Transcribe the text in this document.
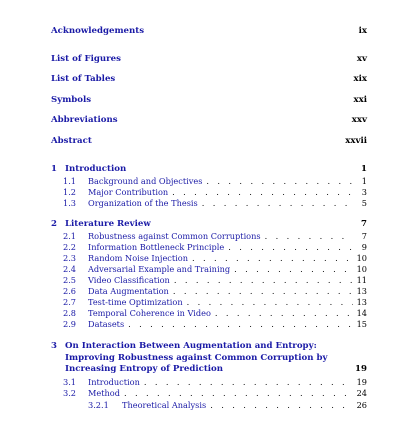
Acknowledgements	ix
List of Figures	xv
List of Tables	xix
Symbols	xxi
Abbreviations	xxv
Abstract	xxvii
1 Introduction	1
1.1	Background and Objectives . . .	1
1.2	Major Contribution . . .	3
1.3	Organization of the Thesis . . .	5
2 Literature Review	7
2.1	Robustness against Common Corruptions . . .	7
2.2	Information Bottleneck Principle . . .	9
2.3	Random Noise Injection . . .	10
2.4	Adversarial Example and Training . . .	10
2.5	Video Classification . . .	11
2.6	Data Augmentation . . .	13
2.7	Test-time Optimization . . .	13
2.8	Temporal Coherence in Video . . .	14
2.9	Datasets . . .	15
3 On Interaction Between Augmentation and Entropy: Improving Robustness against Common Corruption by Increasing Entropy of Prediction	19
3.1	Introduction . . .	19
3.2	Method . . .	24
3.2.1	Theoretical Analysis . . .	26
